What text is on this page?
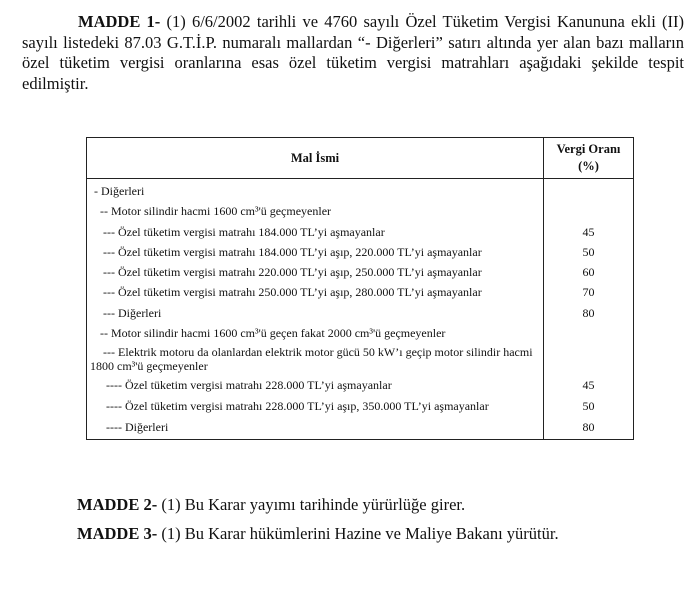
MADDE 1- (1) 6/6/2002 tarihli ve 4760 sayılı Özel Tüketim Vergisi Kanununa ekli (II) sayılı listedeki 87.03 G.T.İ.P. numaralı mallardan “- Diğerleri” satırı altında yer alan bazı malların özel tüketim vergisi oranlarına esas özel tüketim vergisi matrahları aşağıdaki şekilde tespit edilmiştir.

Mal İsmi	Vergi Oranı
(%)
- Diğerleri	
-- Motor silindir hacmi 1600 cm³'ü geçmeyenler	
--- Özel tüketim vergisi matrahı 184.000 TL’yi aşmayanlar	45
--- Özel tüketim vergisi matrahı 184.000 TL’yi aşıp, 220.000 TL’yi aşmayanlar	50
--- Özel tüketim vergisi matrahı 220.000 TL’yi aşıp, 250.000 TL’yi aşmayanlar	60
--- Özel tüketim vergisi matrahı 250.000 TL’yi aşıp, 280.000 TL’yi aşmayanlar	70
--- Diğerleri	80
-- Motor silindir hacmi 1600 cm³'ü geçen fakat 2000 cm³'ü geçmeyenler	

--- Elektrik motoru da olanlardan elektrik motor gücü 50 kW’ı geçip motor silindir hacmi 1800 cm³'ü geçmeyenler	

---- Özel tüketim vergisi matrahı 228.000 TL’yi aşmayanlar	45
---- Özel tüketim vergisi matrahı 228.000 TL’yi aşıp, 350.000 TL’yi aşmayanlar	50
---- Diğerleri	80

MADDE 2- (1) Bu Karar yayımı tarihinde yürürlüğe girer.

MADDE 3- (1) Bu Karar hükümlerini Hazine ve Maliye Bakanı yürütür.
